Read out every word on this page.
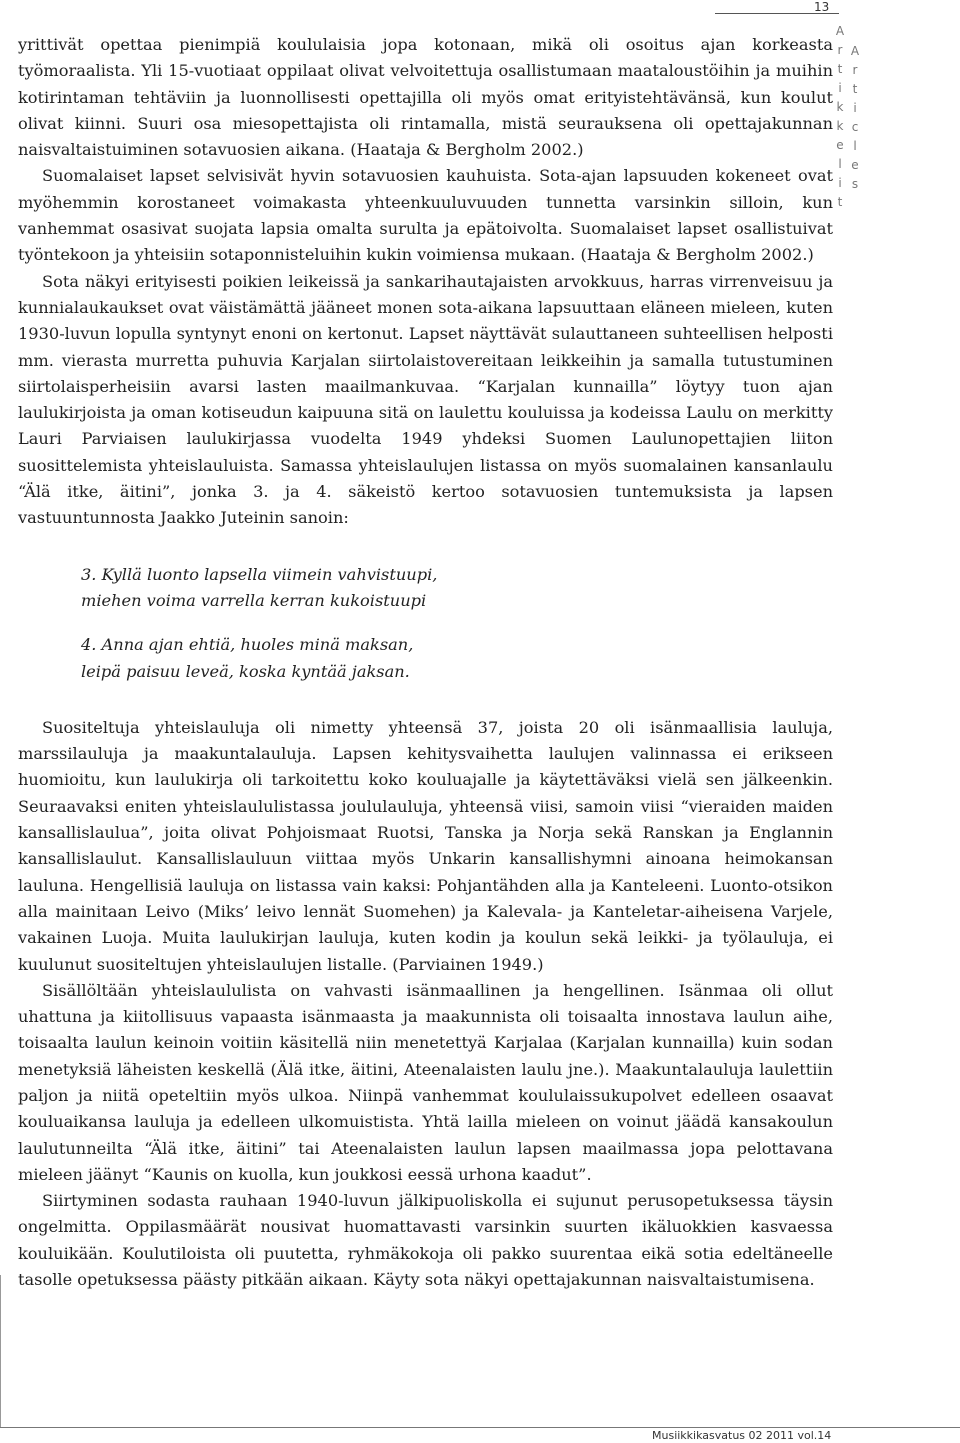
13
A
r
t
i
k
k
e
l
i
t
A
r
t
i
c
l
e
s

yrittivät opettaa pienimpiä koululaisia jopa kotonaan, mikä oli osoitus ajan korkeasta työmoraalista. Yli 15-vuotiaat oppilaat olivat velvoitettuja osallistumaan maataloustöihin ja muihin kotirintaman tehtäviin ja luonnollisesti opettajilla oli myös omat erityistehtävänsä, kun koulut olivat kiinni. Suuri osa miesopettajista oli rintamalla, mistä seurauksena oli opettajakunnan naisvaltaistuiminen sotavuosien aikana. (Haataja & Bergholm 2002.)

Suomalaiset lapset selvisivät hyvin sotavuosien kauhuista. Sota-ajan lapsuuden kokeneet ovat myöhemmin korostaneet voimakasta yhteenkuuluvuuden tunnetta varsinkin silloin, kun vanhemmat osasivat suojata lapsia omalta surulta ja epätoivolta. Suomalaiset lapset osallistuivat työntekoon ja yhteisiin sotaponnisteluihin kukin voimiensa mukaan. (Haataja & Bergholm 2002.)

Sota näkyi erityisesti poikien leikeissä ja sankarihautajaisten arvokkuus, harras virrenveisuu ja kunnialaukaukset ovat väistämättä jääneet monen sota-aikana lapsuuttaan eläneen mieleen, kuten 1930-luvun lopulla syntynyt enoni on kertonut. Lapset näyttävät sulauttaneen suhteellisen helposti mm. vierasta murretta puhuvia Karjalan siirtolaistovereitaan leikkeihin ja samalla tutustuminen siirtolaisperheisiin avarsi lasten maailmankuvaa. “Karjalan kunnailla” löytyy tuon ajan laulukirjoista ja oman kotiseudun kaipuuna sitä on laulettu kouluissa ja kodeissa Laulu on merkitty Lauri Parviaisen laulukirjassa vuodelta 1949 yhdeksi Suomen Laulunopettajien liiton suosittelemista yhteislauluista. Samassa yhteislaulujen listassa on myös suomalainen kansanlaulu “Älä itke, äitini”, jonka 3. ja 4. säkeistö kertoo sotavuosien tuntemuksista ja lapsen vastuuntunnosta Jaakko Juteinin sanoin:

3. Kyllä luonto lapsella viimein vahvistuupi,
miehen voima varrella kerran kukoistuupi
4. Anna ajan ehtiä, huoles minä maksan,
leipä paisuu leveä, koska kyntää jaksan.

Suositeltuja yhteislauluja oli nimetty yhteensä 37, joista 20 oli isänmaallisia lauluja, marssilauluja ja maakuntalauluja. Lapsen kehitysvaihetta laulujen valinnassa ei erikseen huomioitu, kun laulukirja oli tarkoitettu koko kouluajalle ja käytettäväksi vielä sen jälkeenkin. Seuraavaksi eniten yhteislaululistassa joululauluja, yhteensä viisi, samoin viisi “vieraiden maiden kansallislaulua”, joita olivat Pohjoismaat Ruotsi, Tanska ja Norja sekä Ranskan ja Englannin kansallislaulut. Kansallislauluun viittaa myös Unkarin kansallishymni ainoana heimokansan lauluna. Hengellisiä lauluja on listassa vain kaksi: Pohjantähden alla ja Kanteleeni. Luonto-otsikon alla mainitaan Leivo (Miks’ leivo lennät Suomehen) ja Kalevala- ja Kanteletar-aiheisena Varjele, vakainen Luoja. Muita laulukirjan lauluja, kuten kodin ja koulun sekä leikki- ja työlauluja, ei kuulunut suositeltujen yhteislaulujen listalle. (Parviainen 1949.)

Sisällöltään yhteislaululista on vahvasti isänmaallinen ja hengellinen. Isänmaa oli ollut uhattuna ja kiitollisuus vapaasta isänmaasta ja maakunnista oli toisaalta innostava laulun aihe, toisaalta laulun keinoin voitiin käsitellä niin menetettyä Karjalaa (Karjalan kunnailla) kuin sodan menetyksiä läheisten keskellä (Älä itke, äitini, Ateenalaisten laulu jne.). Maakuntalauluja laulettiin paljon ja niitä opeteltiin myös ulkoa. Niinpä vanhemmat koululaissukupolvet edelleen osaavat kouluaikansa lauluja ja edelleen ulkomuistista. Yhtä lailla mieleen on voinut jäädä kansakoulun laulutunneilta “Älä itke, äitini” tai Ateenalaisten laulun lapsen maailmassa jopa pelottavana mieleen jäänyt “Kaunis on kuolla, kun joukkosi eessä urhona kaadut”.

Siirtyminen sodasta rauhaan 1940-luvun jälkipuoliskolla ei sujunut perusopetuksessa täysin ongelmitta. Oppilasmäärät nousivat huomattavasti varsinkin suurten ikäluokkien kasvaessa kouluikään. Koulutiloista oli puutetta, ryhmäkokoja oli pakko suurentaa eikä sotia edeltäneelle tasolle opetuksessa päästy pitkään aikaan. Käyty sota näkyi opettajakunnan naisvaltaistumisena.

Musiikkikasvatus 02 2011 vol.14
